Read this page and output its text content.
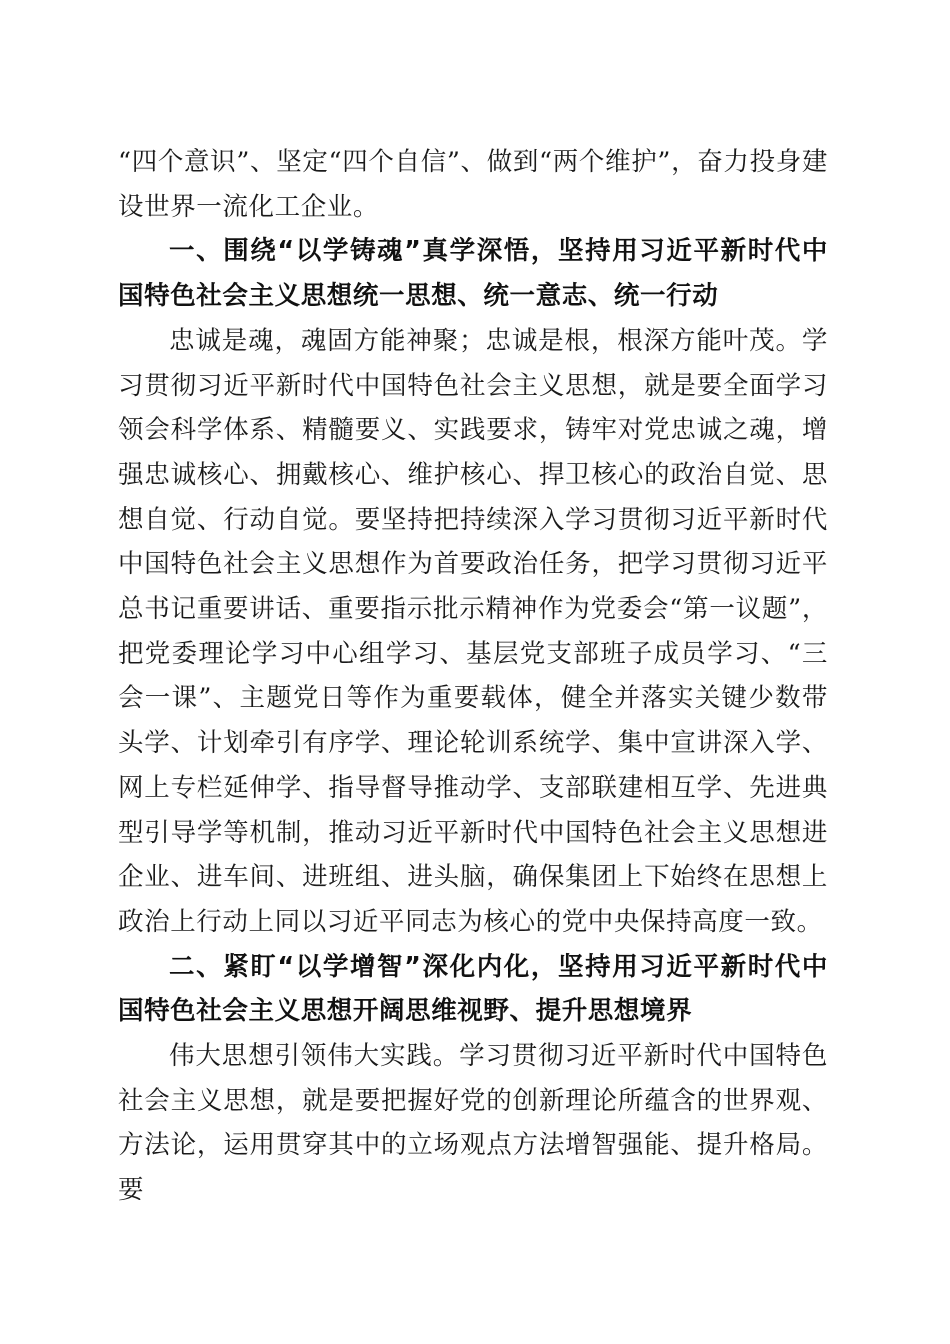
“四个意识”、坚定“四个自信”、做到“两个维护”，奋力投身建设世界一流化工企业。

一、围绕“以学铸魂”真学深悟，坚持用习近平新时代中国特色社会主义思想统一思想、统一意志、统一行动

忠诚是魂，魂固方能神聚；忠诚是根，根深方能叶茂。学习贯彻习近平新时代中国特色社会主义思想，就是要全面学习领会科学体系、精髓要义、实践要求，铸牢对党忠诚之魂，增强忠诚核心、拥戴核心、维护核心、捍卫核心的政治自觉、思想自觉、行动自觉。要坚持把持续深入学习贯彻习近平新时代中国特色社会主义思想作为首要政治任务，把学习贯彻习近平总书记重要讲话、重要指示批示精神作为党委会“第一议题”，把党委理论学习中心组学习、基层党支部班子成员学习、“三会一课”、主题党日等作为重要载体，健全并落实关键少数带头学、计划牵引有序学、理论轮训系统学、集中宣讲深入学、网上专栏延伸学、指导督导推动学、支部联建相互学、先进典型引导学等机制，推动习近平新时代中国特色社会主义思想进企业、进车间、进班组、进头脑，确保集团上下始终在思想上政治上行动上同以习近平同志为核心的党中央保持高度一致。

二、紧盯“以学增智”深化内化，坚持用习近平新时代中国特色社会主义思想开阔思维视野、提升思想境界

伟大思想引领伟大实践。学习贯彻习近平新时代中国特色社会主义思想，就是要把握好党的创新理论所蕴含的世界观、方法论，运用贯穿其中的立场观点方法增智强能、提升格局。要
